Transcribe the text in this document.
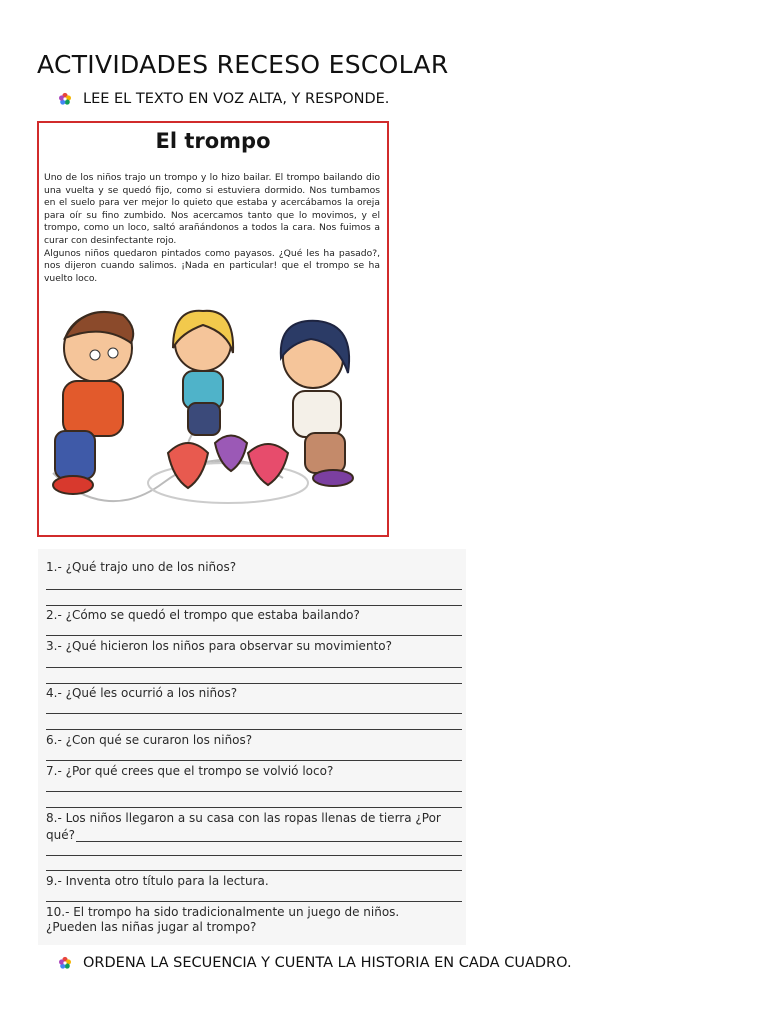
ACTIVIDADES RECESO ESCOLAR
LEE EL TEXTO EN VOZ ALTA, Y RESPONDE.
El trompo

Uno de los niños trajo un trompo y lo hizo bailar. El trompo bailando dio una vuelta y se quedó fijo, como si estuviera dormido. Nos tumbamos en el suelo para ver mejor lo quieto que estaba y acercábamos la oreja para oír su fino zumbido. Nos acercamos tanto que lo movimos, y el trompo, como un loco, saltó arañándonos a todos la cara. Nos fuimos a curar con desinfectante rojo.

Algunos niños quedaron pintados como payasos. ¿Qué les ha pasado?, nos dijeron cuando salimos. ¡Nada en particular! que el trompo se ha vuelto loco.

1.- ¿Qué trajo uno de los niños?
2.- ¿Cómo se quedó el trompo que estaba bailando?
3.- ¿Qué hicieron los niños para observar su movimiento?
4.- ¿Qué les ocurrió a los niños?
6.- ¿Con qué se curaron los niños?
7.- ¿Por qué crees que el trompo se volvió loco?
8.- Los niños llegaron a su casa con las ropas llenas de tierra ¿Por
qué?
9.- Inventa otro título para la lectura.
10.- El trompo ha sido tradicionalmente un juego de niños.
¿Pueden las niñas jugar al trompo?
ORDENA LA SECUENCIA Y CUENTA LA HISTORIA EN CADA CUADRO.
